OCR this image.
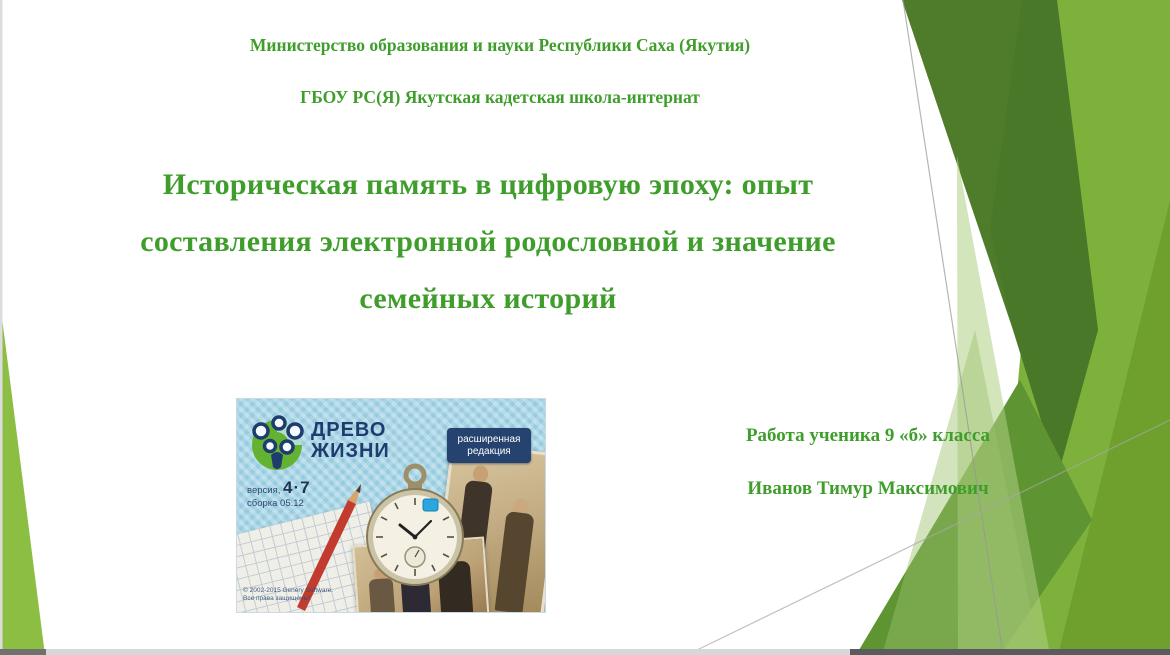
Министерство образования и науки Республики Саха (Якутия)
ГБОУ РС(Я) Якутская кадетская школа-интернат
Историческая память в цифровую эпоху: опыт
составления электронной родословной и значение
семейных историй
Работа ученика 9 «б» класса
Иванов Тимур Максимович
ДРЕВО
ЖИЗНИ
расширенная
редакция
версия, 4·7
сборка 05.12
© 2002-2015 Genery Software.
Все права защищены!
